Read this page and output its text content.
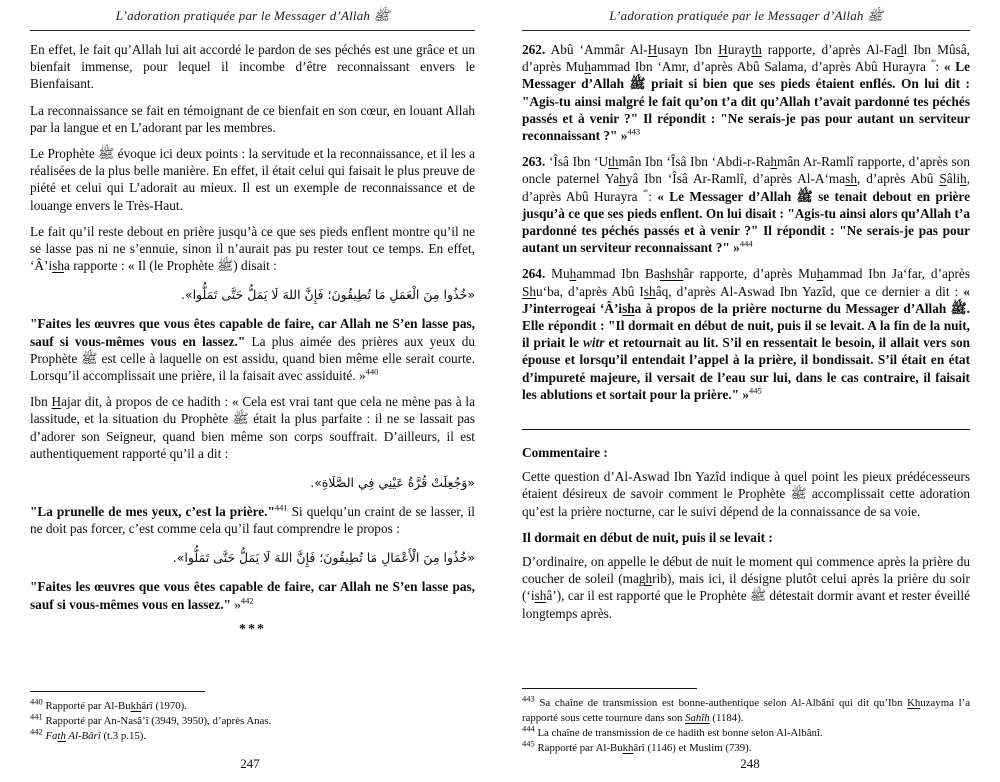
L’adoration pratiquée par le Messager d’Allah ﷺ

En effet, le fait qu’Allah lui ait accordé le pardon de ses péchés est une grâce et un bienfait immense, pour lequel il incombe d’être reconnaissant envers le Bienfaisant.

La reconnaissance se fait en témoignant de ce bienfait en son cœur, en louant Allah par la langue et en L’adorant par les membres.

Le Prophète ﷺ évoque ici deux points : la servitude et la reconnaissance, et il les a réalisées de la plus belle manière. En effet, il était celui qui faisait le plus preuve de piété et celui qui L’adorait au mieux. Il est un exemple de reconnaissance et de louange envers le Très-Haut.

Le fait qu’il reste debout en prière jusqu’à ce que ses pieds enflent montre qu’il ne se lasse pas ni ne s’ennuie, sinon il n’aurait pas pu rester tout ce temps. En effet, ‘Â’isha rapporte : « Il (le Prophète ﷺ) disait :

«خُذُوا مِنَ الْعَمَلِ مَا تُطِيقُونَ؛ فَإِنَّ اللهَ لَا يَمَلُّ حَتَّى تَمَلُّوا».

"Faites les œuvres que vous êtes capable de faire, car Allah ne S’en lasse pas, sauf si vous-mêmes vous en lassez." La plus aimée des prières aux yeux du Prophète ﷺ est celle à laquelle on est assidu, quand bien même elle serait courte. Lorsqu’il accomplissait une prière, il la faisait avec assiduité. »$^{440}$

Ibn Hajar dit, à propos de ce hadith : « Cela est vrai tant que cela ne mène pas à la lassitude, et la situation du Prophète ﷺ était la plus parfaite : il ne se lassait pas d’adorer son Seigneur, quand bien même son corps souffrait. D’ailleurs, il est authentiquement rapporté qu’il a dit :

«وَجُعِلَتْ قُرَّةُ عَيْنِي فِي الصَّلَاةِ».

"La prunelle de mes yeux, c’est la prière."$^{441}$ Si quelqu’un craint de se lasser, il ne doit pas forcer, c’est comme cela qu’il faut comprendre le propos :

«خُذُوا مِنَ الْأَعْمَالِ مَا تُطِيقُونَ؛ فَإِنَّ اللهَ لَا يَمَلُّ حَتَّى تَمَلُّوا».

"Faites les œuvres que vous êtes capable de faire, car Allah ne S’en lasse pas, sauf si vous-mêmes vous en lassez." »$^{442}$

***

$^{440}$ Rapporté par Al-Bukhârî (1970).

$^{441}$ Rapporté par An-Nasâ’î (3949, 3950), d’après Anas.

$^{442}$ Fath Al-Bârî (t.3 p.15).

247
L’adoration pratiquée par le Messager d’Allah ﷺ

262. Abû ‘Ammâr Al-Husayn Ibn Hurayth rapporte, d’après Al-Fadl Ibn Mûsâ, d’après Muhammad Ibn ‘Amr, d’après Abû Salama, d’après Abû Hurayra ؓ : « Le Messager d’Allah ﷺ priait si bien que ses pieds étaient enflés. On lui dit : "Agis-tu ainsi malgré le fait qu’on t’a dit qu’Allah t’avait pardonné tes péchés passés et à venir ?" Il répondit : "Ne serais-je pas pour autant un serviteur reconnaissant ?" »$^{443}$

263. ‘Îsâ Ibn ‘Uthmân Ibn ‘Îsâ Ibn ‘Abdi-r-Rahmân Ar-Ramlî rapporte, d’après son oncle paternel Yahyâ Ibn ‘Îsâ Ar-Ramlî, d’après Al-A‘mash, d’après Abû Sâlih, d’après Abû Hurayra ؓ : « Le Messager d’Allah ﷺ se tenait debout en prière jusqu’à ce que ses pieds enflent. On lui disait : "Agis-tu ainsi alors qu’Allah t’a pardonné tes péchés passés et à venir ?" Il répondit : "Ne serais-je pas pour autant un serviteur reconnaissant ?" »$^{444}$

264. Muhammad Ibn Bashshâr rapporte, d’après Muhammad Ibn Ja‘far, d’après Shu‘ba, d’après Abû Ishâq, d’après Al-Aswad Ibn Yazîd, que ce dernier a dit : « J’interrogeai ‘Â’isha à propos de la prière nocturne du Messager d’Allah ﷺ. Elle répondit : "Il dormait en début de nuit, puis il se levait. A la fin de la nuit, il priait le witr et retournait au lit. S’il en ressentait le besoin, il allait vers son épouse et lorsqu’il entendait l’appel à la prière, il bondissait. S’il était en état d’impureté majeure, il versait de l’eau sur lui, dans le cas contraire, il faisait les ablutions et sortait pour la prière." »$^{445}$

Commentaire :

Cette question d’Al-Aswad Ibn Yazîd indique à quel point les pieux prédécesseurs étaient désireux de savoir comment le Prophète ﷺ accomplissait cette adoration qu’est la prière nocturne, car le suivi dépend de la connaissance de sa voie.

Il dormait en début de nuit, puis il se levait :

D’ordinaire, on appelle le début de nuit le moment qui commence après la prière du coucher de soleil (maghrib), mais ici, il désigne plutôt celui après la prière du soir (‘ishâ’), car il est rapporté que le Prophète ﷺ détestait dormir avant et rester éveillé longtemps après.

$^{443}$ Sa chaîne de transmission est bonne-authentique selon Al-Albânî qui dit qu’Ibn Khuzayma l’a rapporté sous cette tournure dans son Sahîh (1184).

$^{444}$ La chaîne de transmission de ce hadith est bonne selon Al-Albânî.

$^{445}$ Rapporté par Al-Bukhârî (1146) et Muslim (739).

248
